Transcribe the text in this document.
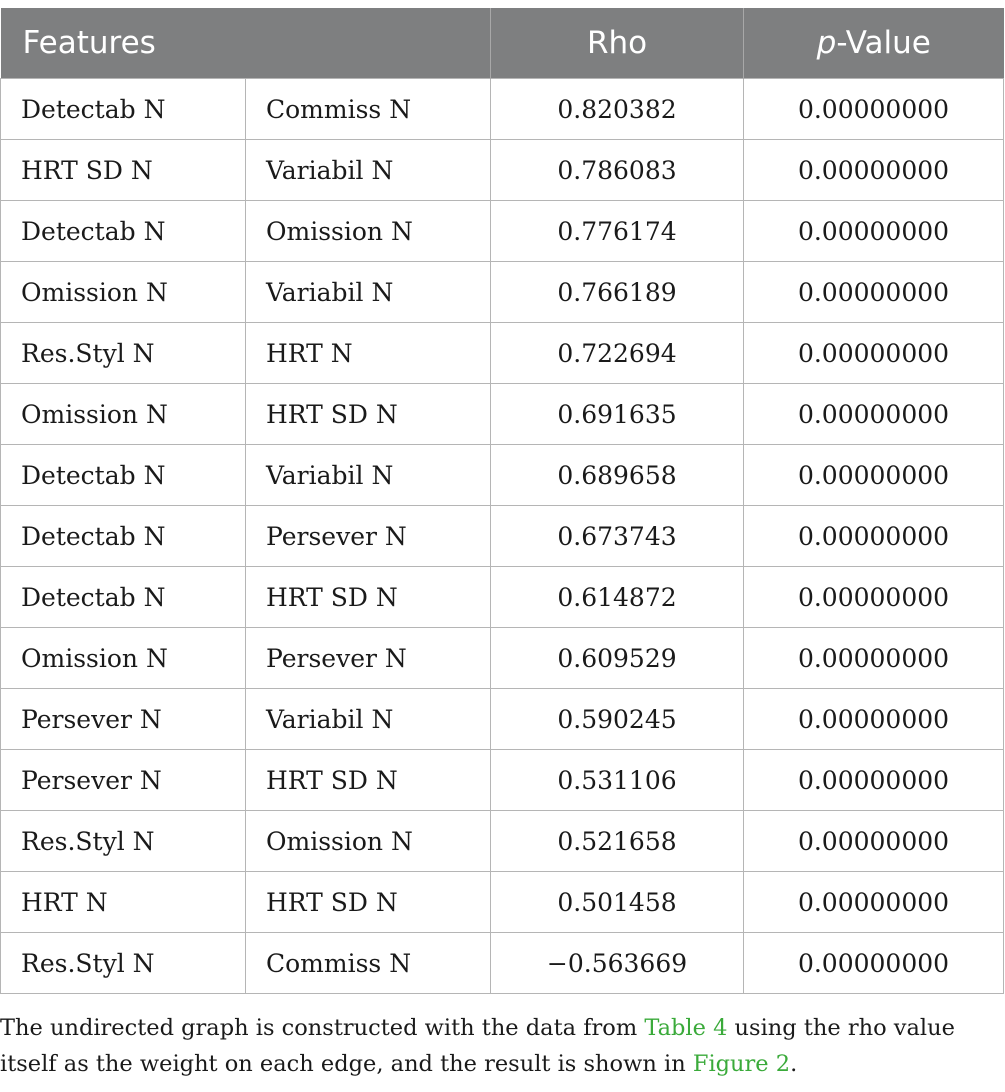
Features		Rho	p-Value
Detectab N	Commiss N	0.820382	0.00000000
HRT SD N	Variabil N	0.786083	0.00000000
Detectab N	Omission N	0.776174	0.00000000
Omission N	Variabil N	0.766189	0.00000000
Res.Styl N	HRT N	0.722694	0.00000000
Omission N	HRT SD N	0.691635	0.00000000
Detectab N	Variabil N	0.689658	0.00000000
Detectab N	Persever N	0.673743	0.00000000
Detectab N	HRT SD N	0.614872	0.00000000
Omission N	Persever N	0.609529	0.00000000
Persever N	Variabil N	0.590245	0.00000000
Persever N	HRT SD N	0.531106	0.00000000
Res.Styl N	Omission N	0.521658	0.00000000
HRT N	HRT SD N	0.501458	0.00000000
Res.Styl N	Commiss N	−0.563669	0.00000000
The undirected graph is constructed with the data from Table 4 using the rho value itself as the weight on each edge, and the result is shown in Figure 2.
